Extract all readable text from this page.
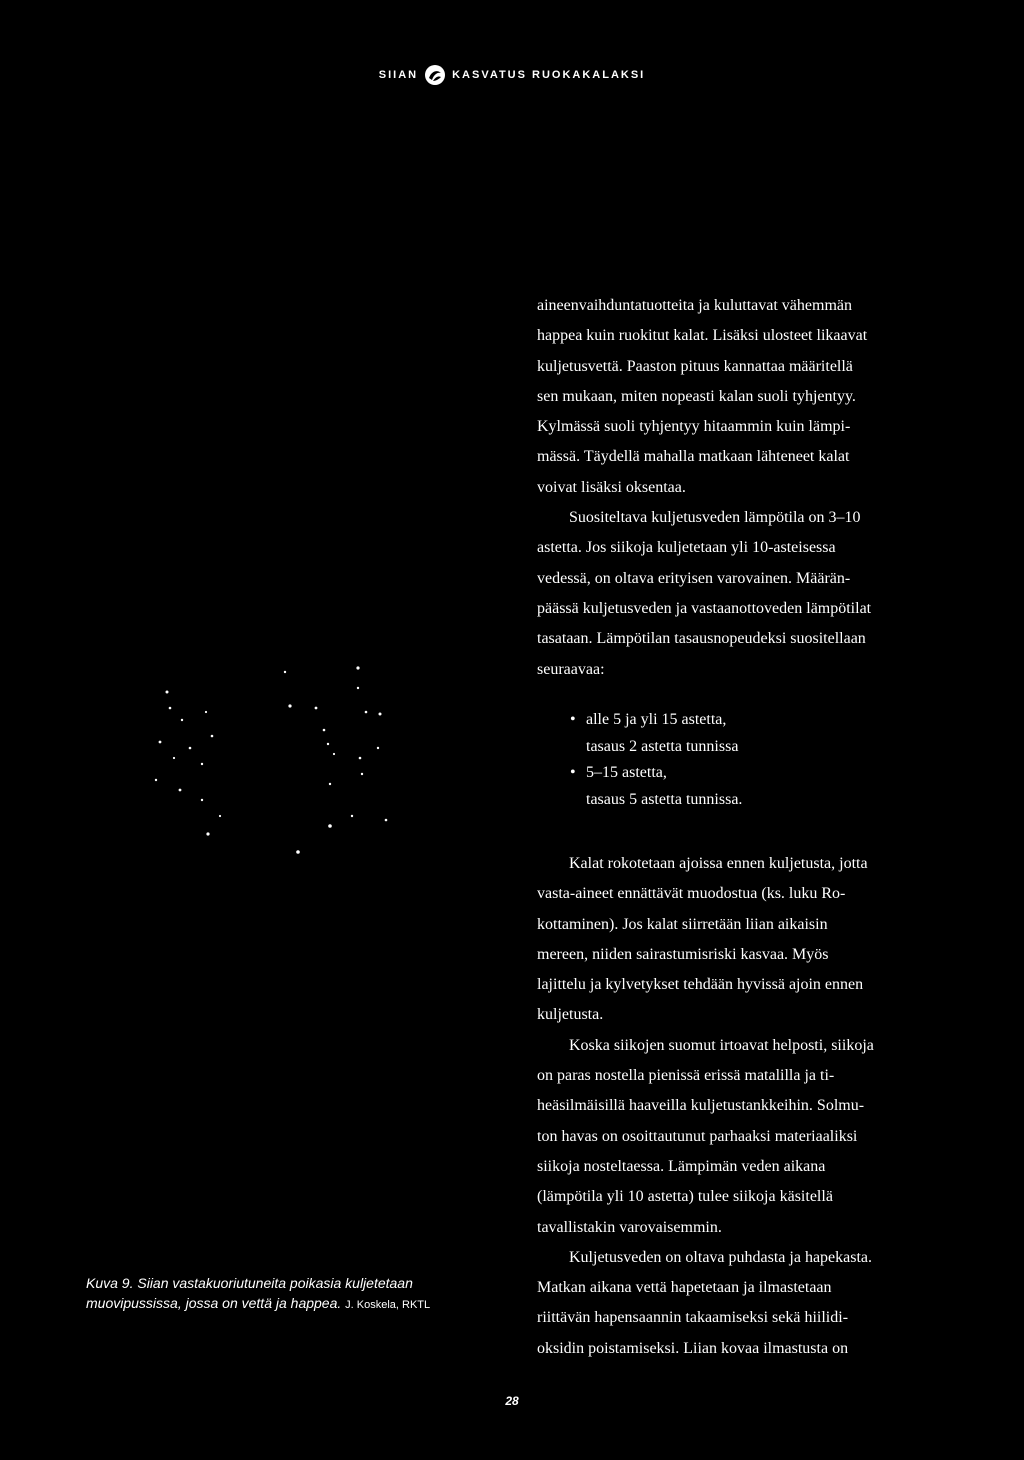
SIIAN	KASVATUS RUOKAKALAKSI

aineenvaihduntatuotteita ja kuluttavat vähemmän

happea kuin ruokitut kalat. Lisäksi ulosteet likaavat

kuljetusvettä. Paaston pituus kannattaa määritellä

sen mukaan, miten nopeasti kalan suoli tyhjentyy.

Kylmässä suoli tyhjentyy hitaammin kuin lämpi-

mässä. Täydellä mahalla matkaan lähteneet kalat

voivat lisäksi oksentaa.

Suositeltava kuljetusveden lämpötila on 3–10

astetta. Jos siikoja kuljetetaan yli 10-asteisessa

vedessä, on oltava erityisen varovainen. Määrän-

päässä kuljetusveden ja vastaanottoveden lämpötilat

tasataan. Lämpötilan tasausnopeudeksi suositellaan

seuraavaa:

• alle 5 ja yli 15 astetta,
tasaus 2 astetta tunnissa
• 5–15 astetta,
tasaus 5 astetta tunnissa.

Kalat rokotetaan ajoissa ennen kuljetusta, jotta

vasta-aineet ennättävät muodostua (ks. luku Ro-

kottaminen). Jos kalat siirretään liian aikaisin

mereen, niiden sairastumisriski kasvaa. Myös

lajittelu ja kylvetykset tehdään hyvissä ajoin ennen

kuljetusta.

Koska siikojen suomut irtoavat helposti, siikoja

on paras nostella pienissä erissä matalilla ja ti-

heäsilmäisillä haaveilla kuljetustankkeihin. Solmu-

ton havas on osoittautunut parhaaksi materiaaliksi

siikoja nosteltaessa. Lämpimän veden aikana

(lämpötila yli 10 astetta) tulee siikoja käsitellä

tavallistakin varovaisemmin.

Kuljetusveden on oltava puhdasta ja hapekasta.

Matkan aikana vettä hapetetaan ja ilmastetaan

riittävän hapensaannin takaamiseksi sekä hiilidi-

oksidin poistamiseksi. Liian kovaa ilmastusta on

Kuva 9. Siian vastakuoriutuneita poikasia kuljetetaan
muovipussissa, jossa on vettä ja happea. J. Koskela, RKTL
28
